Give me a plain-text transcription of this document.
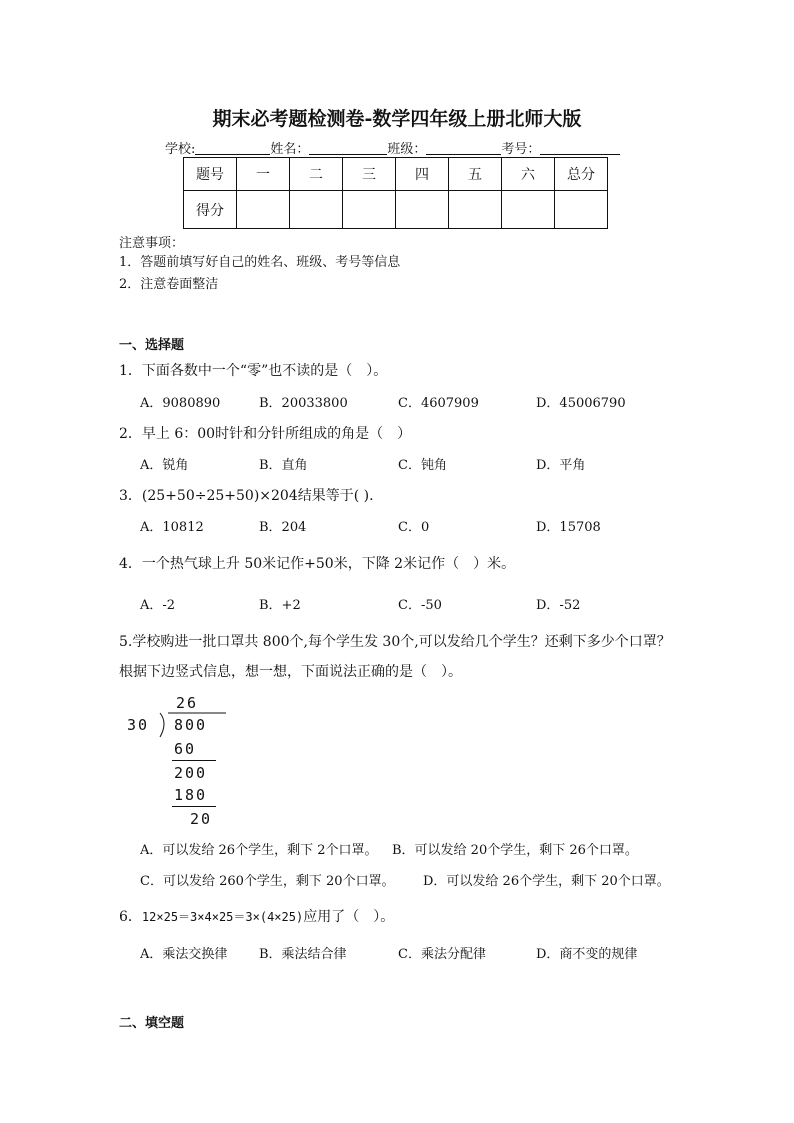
期末必考题检测卷-数学四年级上册北师大版
学校:	姓名：	班级：	考号：
题号	一	二	三	四	五	六	总分
得分							
注意事项：
1．答题前填写好自己的姓名、班级、考号等信息
2．注意卷面整洁
一、选择题
1．下面各数中一个“零”也不读的是（　）。
A．9080890	B．20033800	C．4607909	D．45006790
2．早上 6：00时针和分针所组成的角是（　）
A．锐角	B．直角	C．钝角	D．平角
3．(25+50÷25+50)×204结果等于( ).
A．10812	B．204	C．0	D．15708
4．一个热气球上升 50米记作+50米，下降 2米记作（　）米。
A．-2	B．+2	C．-50	D．-52
5.学校购进一批口罩共 800个,每个学生发 30个,可以发给几个学生？还剩下多少个口罩？
根据下边竖式信息，想一想，下面说法正确的是（　）。
26
30 800
60
200
180
20
A．可以发给 26个学生，剩下 2个口罩。 B．可以发给 20个学生，剩下 26个口罩。
C．可以发给 260个学生，剩下 20个口罩。 D．可以发给 26个学生，剩下 20个口罩。
6．12×25＝3×4×25＝3×(4×25)应用了（　）。
A．乘法交换律 B．乘法结合律	C．乘法分配律	D．商不变的规律
二、填空题
